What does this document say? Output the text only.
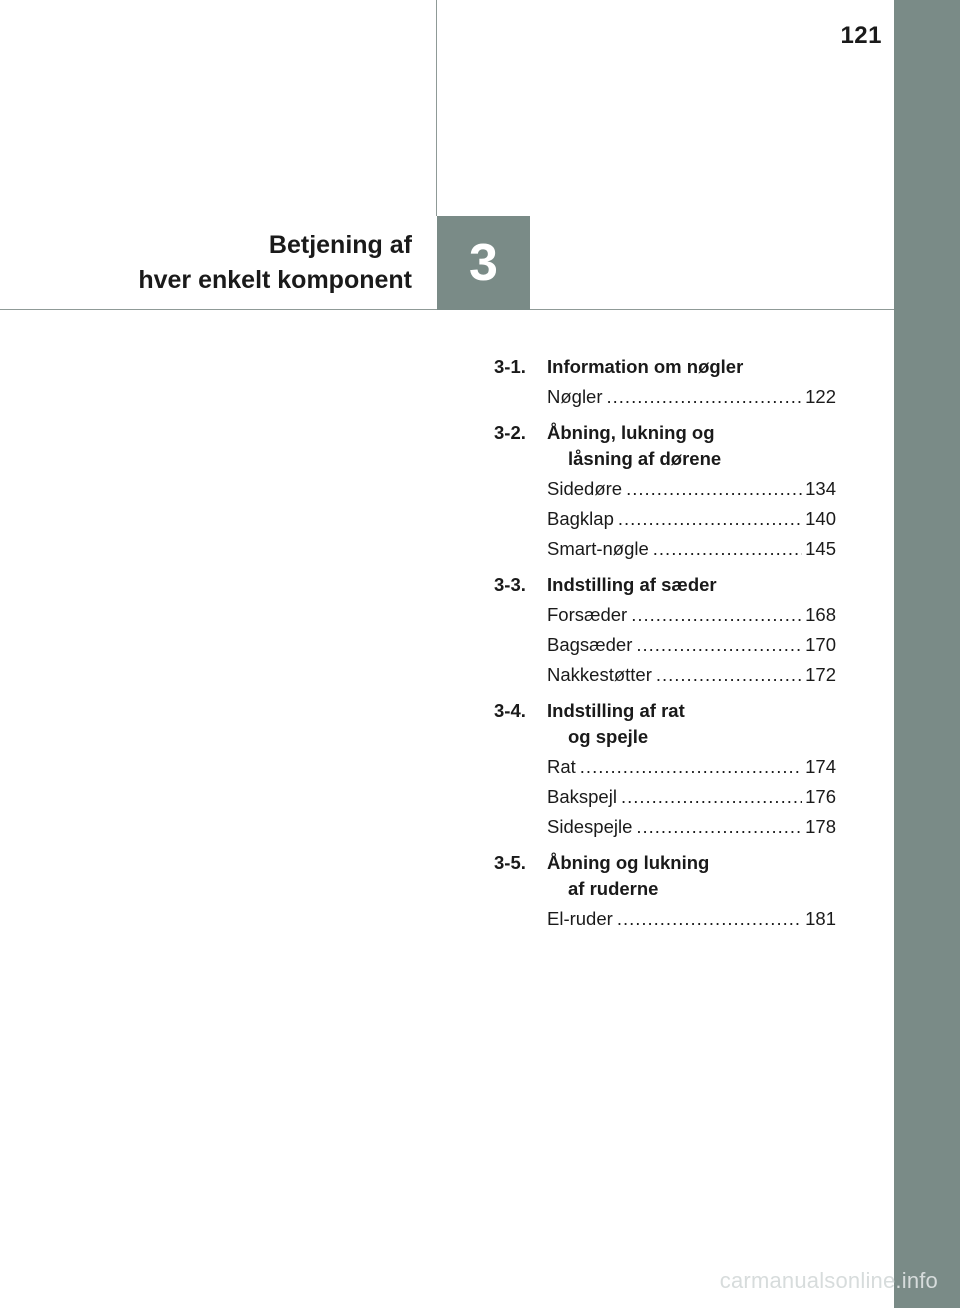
121
3
Betjening af
hver enkelt komponent
3-1.	Information om nøgler
Nøgler .....	122
3-2.	Åbning, lukning og
låsning af dørene
Sidedøre .....	134
Bagklap .....	140
Smart-nøgle .....	145
3-3.	Indstilling af sæder
Forsæder .....	168
Bagsæder .....	170
Nakkestøtter .....	172
3-4.	Indstilling af rat
og spejle
Rat .....	174
Bakspejl .....	176
Sidespejle .....	178
3-5.	Åbning og lukning
af ruderne
El-ruder .....	181
carmanualsonline.info
